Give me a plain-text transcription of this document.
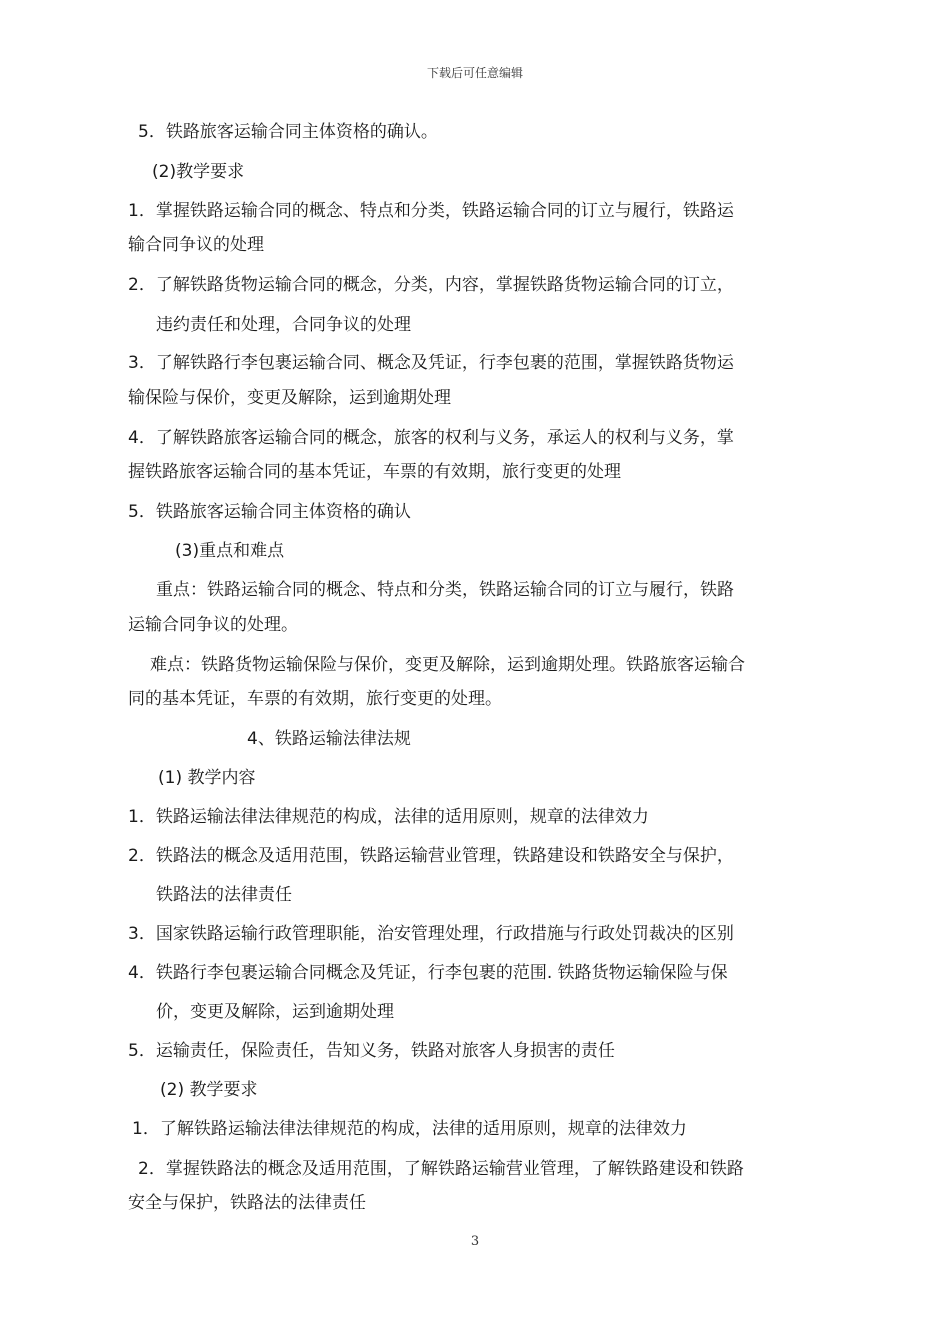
下载后可任意编辑
5．铁路旅客运输合同主体资格的确认。
(2)教学要求
1．掌握铁路运输合同的概念、特点和分类，铁路运输合同的订立与履行，铁路运
输合同争议的处理
2．了解铁路货物运输合同的概念，分类，内容，掌握铁路货物运输合同的订立，
违约责任和处理，合同争议的处理
3．了解铁路行李包裹运输合同、概念及凭证，行李包裹的范围，掌握铁路货物运
输保险与保价，变更及解除，运到逾期处理
4．了解铁路旅客运输合同的概念，旅客的权利与义务，承运人的权利与义务，掌
握铁路旅客运输合同的基本凭证，车票的有效期，旅行变更的处理
5．铁路旅客运输合同主体资格的确认
(3)重点和难点
重点：铁路运输合同的概念、特点和分类，铁路运输合同的订立与履行，铁路
运输合同争议的处理。
难点：铁路货物运输保险与保价，变更及解除，运到逾期处理。铁路旅客运输合
同的基本凭证，车票的有效期，旅行变更的处理。
4、铁路运输法律法规
(1) 教学内容
1．铁路运输法律法律规范的构成，法律的适用原则，规章的法律效力
2．铁路法的概念及适用范围，铁路运输营业管理，铁路建设和铁路安全与保护，
铁路法的法律责任
3．国家铁路运输行政管理职能，治安管理处理，行政措施与行政处罚裁决的区别
4．铁路行李包裹运输合同概念及凭证，行李包裹的范围. 铁路货物运输保险与保
价，变更及解除，运到逾期处理
5．运输责任，保险责任，告知义务，铁路对旅客人身损害的责任
(2) 教学要求
1．了解铁路运输法律法律规范的构成，法律的适用原则，规章的法律效力
2．掌握铁路法的概念及适用范围，了解铁路运输营业管理，了解铁路建设和铁路
安全与保护，铁路法的法律责任
3
